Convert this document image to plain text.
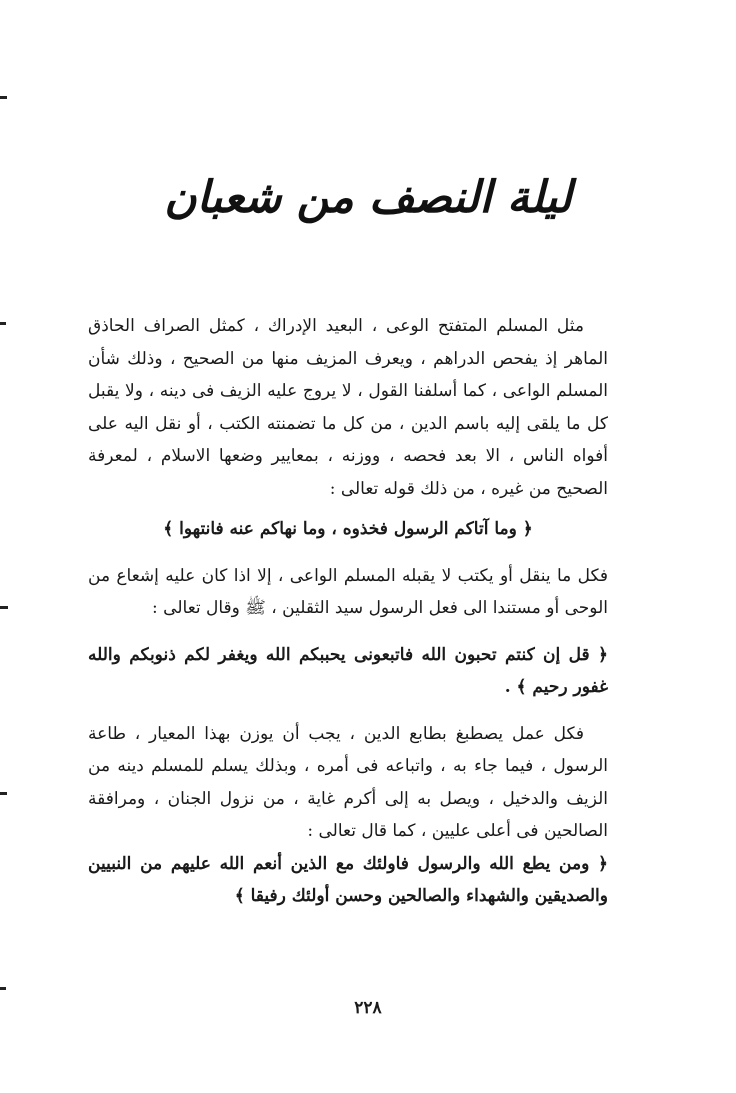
ليلة النصف من شعبان

مثل المسلم المتفتح الوعى ، البعيد الإدراك ، كمثل الصراف الحاذق الماهر إذ يفحص الدراهم ، ويعرف المزيف منها من الصحيح ، وذلك شأن المسلم الواعى ، كما أسلفنا القول ، لا يروج عليه الزيف فى دينه ، ولا يقبل كل ما يلقى إليه باسم الدين ، من كل ما تضمنته الكتب ، أو نقل اليه على أفواه الناس ، الا بعد فحصه ، ووزنه ، بمعايير وضعها الاسلام ، لمعرفة الصحيح من غيره ، من ذلك قوله تعالى :

﴿ وما آتاكم الرسول فخذوه ، وما نهاكم عنه فانتهوا ﴾

فكل ما ينقل أو يكتب لا يقبله المسلم الواعى ، إلا اذا كان عليه إشعاع من الوحى أو مستندا الى فعل الرسول سيد الثقلين ، ﷺ وقال تعالى :

﴿ قل إن كنتم تحبون الله فاتبعونى يحببكم الله ويغفر لكم ذنوبكم والله غفور رحيم ﴾ .

فكل عمل يصطبغ بطابع الدين ، يجب أن يوزن بهذا المعيار ، طاعة الرسول ، فيما جاء به ، واتباعه فى أمره ، وبذلك يسلم للمسلم دينه من الزيف والدخيل ، ويصل به إلى أكرم غاية ، من نزول الجنان ، ومرافقة الصالحين فى أعلى عليين ، كما قال تعالى :

﴿ ومن يطع الله والرسول فاولئك مع الذين أنعم الله عليهم من النبيين والصديقين والشهداء والصالحين وحسن أولئك رفيقا ﴾

٢٢٨
